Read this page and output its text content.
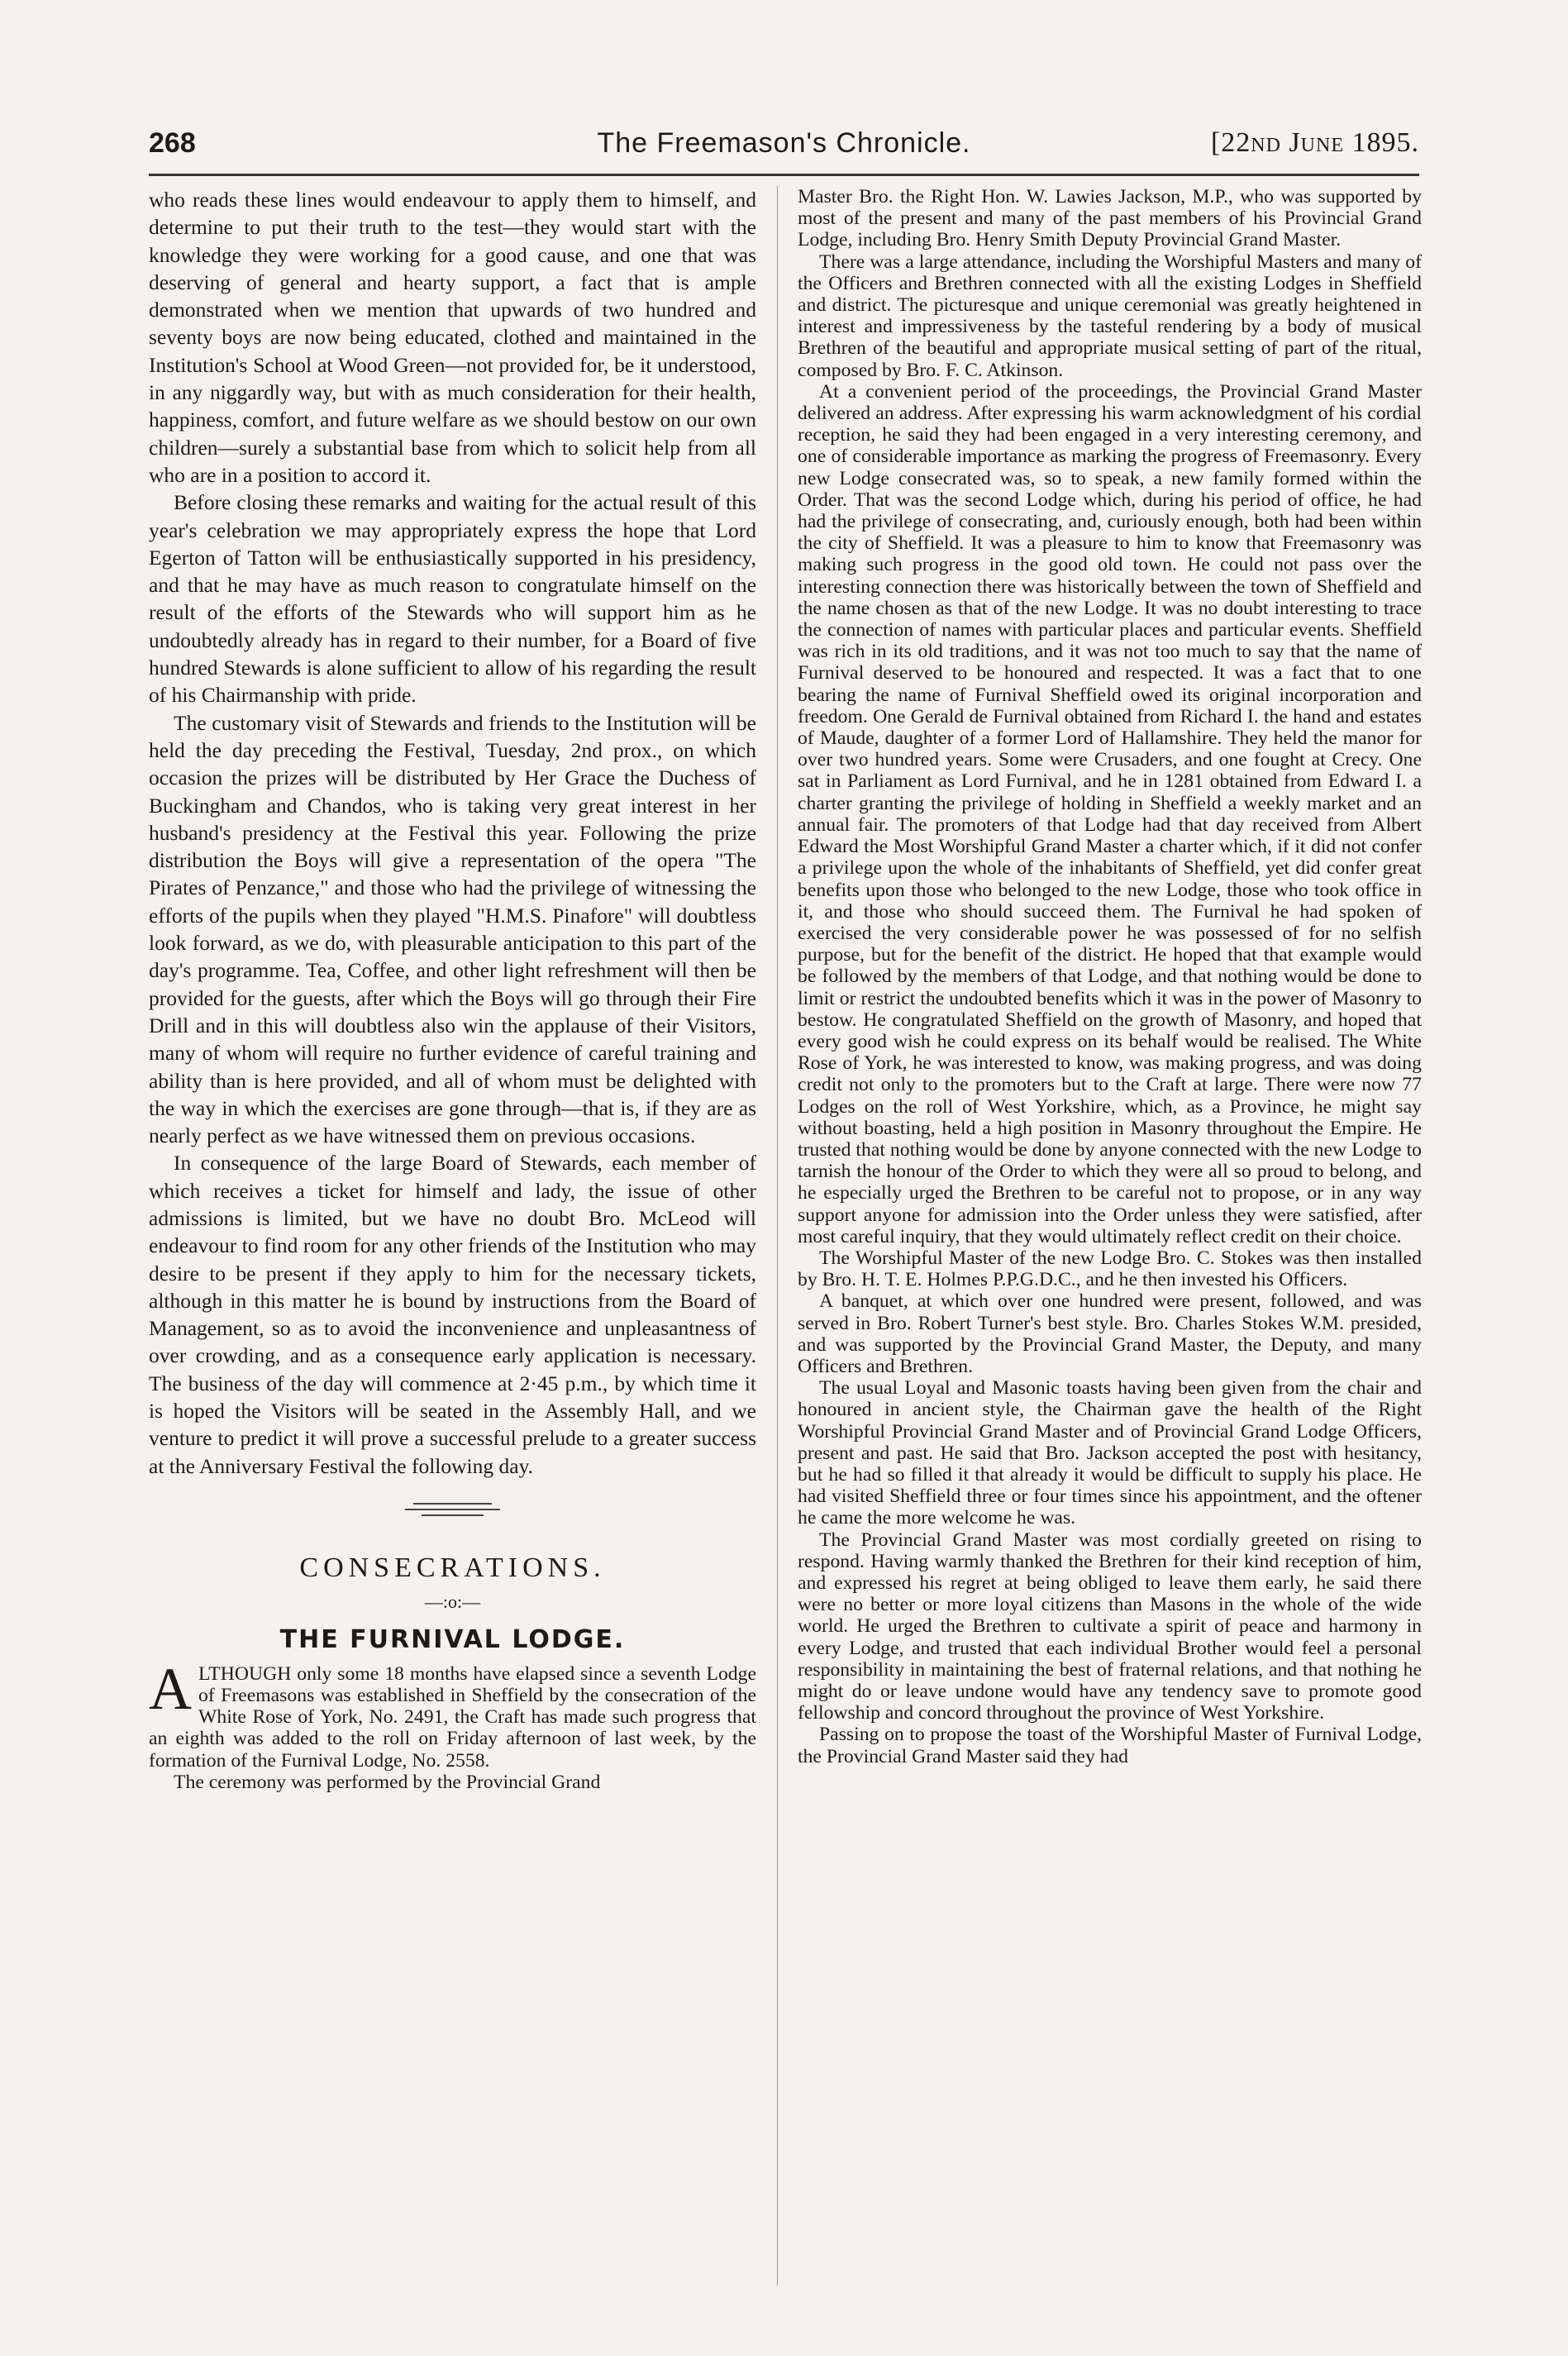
268	The Freemason's Chronicle.	[22nd June 1895.

who reads these lines would endeavour to apply them to himself, and determine to put their truth to the test—they would start with the knowledge they were working for a good cause, and one that was deserving of general and hearty support, a fact that is ample demonstrated when we mention that upwards of two hundred and seventy boys are now being educated, clothed and maintained in the Institution's School at Wood Green—not provided for, be it understood, in any niggardly way, but with as much consideration for their health, happiness, comfort, and future welfare as we should bestow on our own children—surely a substantial base from which to solicit help from all who are in a position to accord it.

Before closing these remarks and waiting for the actual result of this year's celebration we may appropriately express the hope that Lord Egerton of Tatton will be enthusiastically supported in his presidency, and that he may have as much reason to congratulate himself on the result of the efforts of the Stewards who will support him as he undoubtedly already has in regard to their number, for a Board of five hundred Stewards is alone sufficient to allow of his regarding the result of his Chairmanship with pride.

The customary visit of Stewards and friends to the Institution will be held the day preceding the Festival, Tuesday, 2nd prox., on which occasion the prizes will be distributed by Her Grace the Duchess of Buckingham and Chandos, who is taking very great interest in her husband's presidency at the Festival this year. Following the prize distribution the Boys will give a representation of the opera "The Pirates of Penzance," and those who had the privilege of witnessing the efforts of the pupils when they played "H.M.S. Pinafore" will doubtless look forward, as we do, with pleasurable anticipation to this part of the day's programme. Tea, Coffee, and other light refreshment will then be provided for the guests, after which the Boys will go through their Fire Drill and in this will doubtless also win the applause of their Visitors, many of whom will require no further evidence of careful training and ability than is here provided, and all of whom must be delighted with the way in which the exercises are gone through—that is, if they are as nearly perfect as we have witnessed them on previous occasions.

In consequence of the large Board of Stewards, each member of which receives a ticket for himself and lady, the issue of other admissions is limited, but we have no doubt Bro. McLeod will endeavour to find room for any other friends of the Institution who may desire to be present if they apply to him for the necessary tickets, although in this matter he is bound by instructions from the Board of Management, so as to avoid the inconvenience and unpleasantness of over crowding, and as a consequence early application is necessary. The business of the day will commence at 2·45 p.m., by which time it is hoped the Visitors will be seated in the Assembly Hall, and we venture to predict it will prove a successful prelude to a greater success at the Anniversary Festival the following day.

CONSECRATIONS.
—:o:—
THE FURNIVAL LODGE.

ALTHOUGH only some 18 months have elapsed since a seventh Lodge of Freemasons was established in Sheffield by the consecration of the White Rose of York, No. 2491, the Craft has made such progress that an eighth was added to the roll on Friday afternoon of last week, by the formation of the Furnival Lodge, No. 2558.

The ceremony was performed by the Provincial Grand

Master Bro. the Right Hon. W. Lawies Jackson, M.P., who was supported by most of the present and many of the past members of his Provincial Grand Lodge, including Bro. Henry Smith Deputy Provincial Grand Master.

There was a large attendance, including the Worshipful Masters and many of the Officers and Brethren connected with all the existing Lodges in Sheffield and district. The picturesque and unique ceremonial was greatly heightened in interest and impressiveness by the tasteful rendering by a body of musical Brethren of the beautiful and appropriate musical setting of part of the ritual, composed by Bro. F. C. Atkinson.

At a convenient period of the proceedings, the Provincial Grand Master delivered an address. After expressing his warm acknowledgment of his cordial reception, he said they had been engaged in a very interesting ceremony, and one of considerable importance as marking the progress of Freemasonry. Every new Lodge consecrated was, so to speak, a new family formed within the Order. That was the second Lodge which, during his period of office, he had had the privilege of consecrating, and, curiously enough, both had been within the city of Sheffield. It was a pleasure to him to know that Freemasonry was making such progress in the good old town. He could not pass over the interesting connection there was historically between the town of Sheffield and the name chosen as that of the new Lodge. It was no doubt interesting to trace the connection of names with particular places and particular events. Sheffield was rich in its old traditions, and it was not too much to say that the name of Furnival deserved to be honoured and respected. It was a fact that to one bearing the name of Furnival Sheffield owed its original incorporation and freedom. One Gerald de Furnival obtained from Richard I. the hand and estates of Maude, daughter of a former Lord of Hallamshire. They held the manor for over two hundred years. Some were Crusaders, and one fought at Crecy. One sat in Parliament as Lord Furnival, and he in 1281 obtained from Edward I. a charter granting the privilege of holding in Sheffield a weekly market and an annual fair. The promoters of that Lodge had that day received from Albert Edward the Most Worshipful Grand Master a charter which, if it did not confer a privilege upon the whole of the inhabitants of Sheffield, yet did confer great benefits upon those who belonged to the new Lodge, those who took office in it, and those who should succeed them. The Furnival he had spoken of exercised the very considerable power he was possessed of for no selfish purpose, but for the benefit of the district. He hoped that that example would be followed by the members of that Lodge, and that nothing would be done to limit or restrict the undoubted benefits which it was in the power of Masonry to bestow. He congratulated Sheffield on the growth of Masonry, and hoped that every good wish he could express on its behalf would be realised. The White Rose of York, he was interested to know, was making progress, and was doing credit not only to the promoters but to the Craft at large. There were now 77 Lodges on the roll of West Yorkshire, which, as a Province, he might say without boasting, held a high position in Masonry throughout the Empire. He trusted that nothing would be done by anyone connected with the new Lodge to tarnish the honour of the Order to which they were all so proud to belong, and he especially urged the Brethren to be careful not to propose, or in any way support anyone for admission into the Order unless they were satisfied, after most careful inquiry, that they would ultimately reflect credit on their choice.

The Worshipful Master of the new Lodge Bro. C. Stokes was then installed by Bro. H. T. E. Holmes P.P.G.D.C., and he then invested his Officers.

A banquet, at which over one hundred were present, followed, and was served in Bro. Robert Turner's best style. Bro. Charles Stokes W.M. presided, and was supported by the Provincial Grand Master, the Deputy, and many Officers and Brethren.

The usual Loyal and Masonic toasts having been given from the chair and honoured in ancient style, the Chairman gave the health of the Right Worshipful Provincial Grand Master and of Provincial Grand Lodge Officers, present and past. He said that Bro. Jackson accepted the post with hesitancy, but he had so filled it that already it would be difficult to supply his place. He had visited Sheffield three or four times since his appointment, and the oftener he came the more welcome he was.

The Provincial Grand Master was most cordially greeted on rising to respond. Having warmly thanked the Brethren for their kind reception of him, and expressed his regret at being obliged to leave them early, he said there were no better or more loyal citizens than Masons in the whole of the wide world. He urged the Brethren to cultivate a spirit of peace and harmony in every Lodge, and trusted that each individual Brother would feel a personal responsibility in maintaining the best of fraternal relations, and that nothing he might do or leave undone would have any tendency save to promote good fellowship and concord throughout the province of West Yorkshire.

Passing on to propose the toast of the Worshipful Master of Furnival Lodge, the Provincial Grand Master said they had
